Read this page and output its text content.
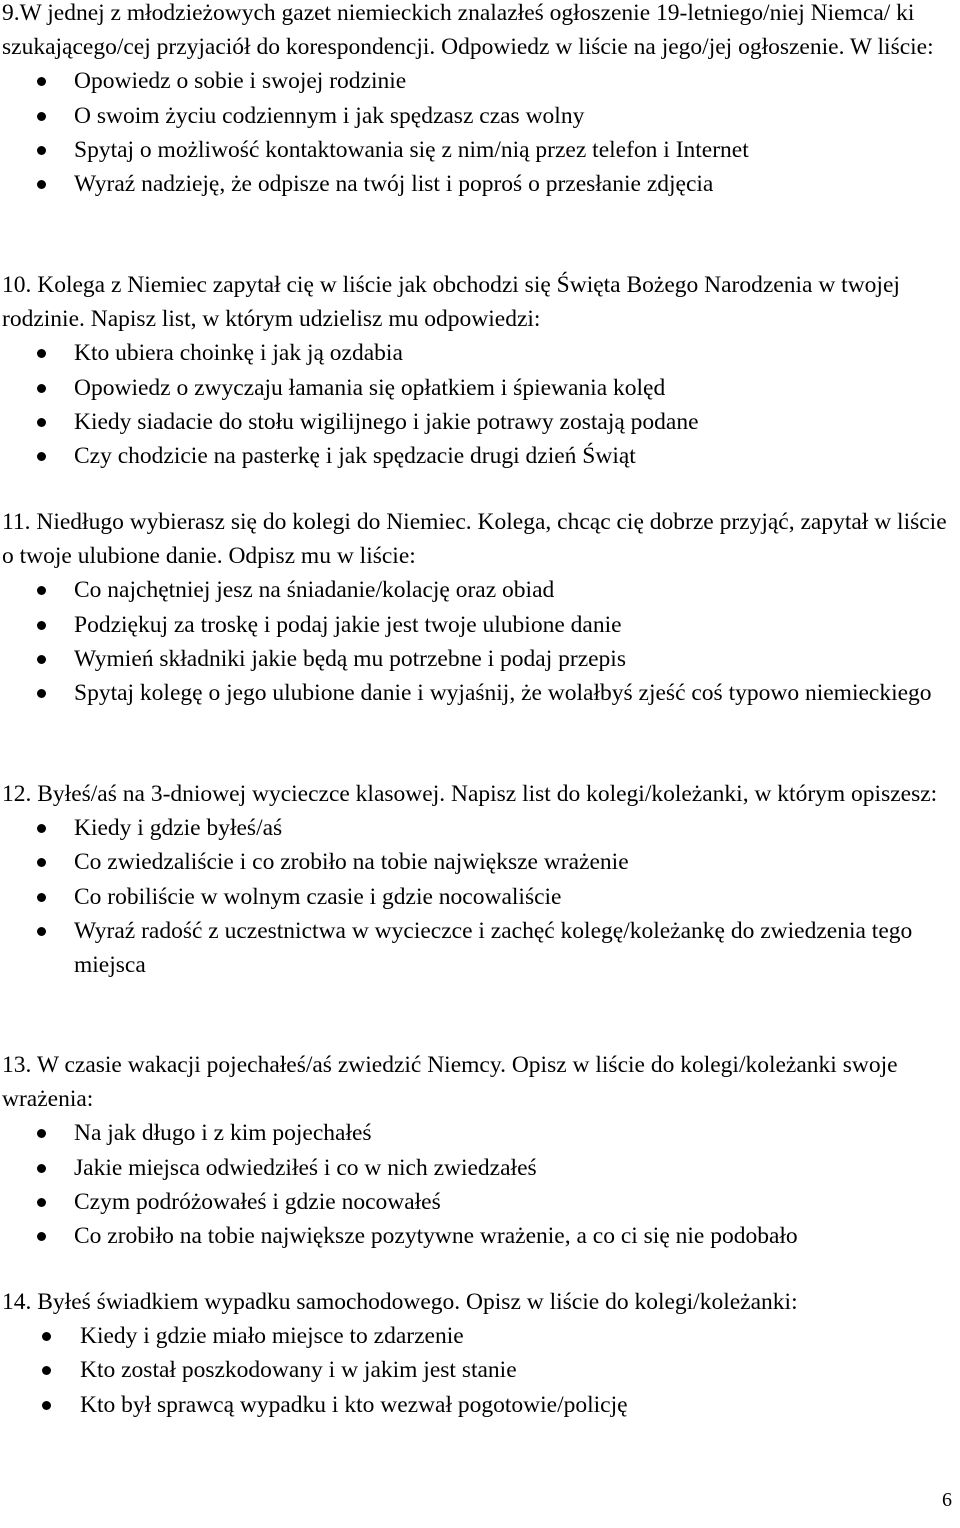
9.W jednej z młodzieżowych gazet niemieckich znalazłeś ogłoszenie 19-letniego/niej Niemca/ ki szukającego/cej przyjaciół do korespondencji. Odpowiedz w liście na jego/jej ogłoszenie. W liście:

Opowiedz o sobie i swojej rodzinie
O swoim życiu codziennym i jak spędzasz czas wolny
Spytaj o możliwość kontaktowania się z nim/nią przez telefon i Internet
Wyraź nadzieję, że odpisze na twój list i poproś o przesłanie zdjęcia

10. Kolega z Niemiec zapytał cię w liście jak obchodzi się Święta Bożego Narodzenia w twojej rodzinie. Napisz list, w którym udzielisz mu odpowiedzi:

Kto ubiera choinkę i jak ją ozdabia
Opowiedz o zwyczaju łamania się opłatkiem i śpiewania kolęd
Kiedy siadacie do stołu wigilijnego i jakie potrawy zostają podane
Czy chodzicie na pasterkę i jak spędzacie drugi dzień Świąt

11. Niedługo wybierasz się do kolegi do Niemiec. Kolega, chcąc cię dobrze przyjąć, zapytał w liście o twoje ulubione danie. Odpisz mu w liście:

Co najchętniej jesz na śniadanie/kolację oraz obiad
Podziękuj za troskę i podaj jakie jest twoje ulubione danie
Wymień składniki jakie będą mu potrzebne i podaj przepis
Spytaj kolegę o jego ulubione danie i wyjaśnij, że wolałbyś zjeść coś typowo niemieckiego

12. Byłeś/aś na 3-dniowej wycieczce klasowej. Napisz list do kolegi/koleżanki, w którym opiszesz:

Kiedy i gdzie byłeś/aś
Co zwiedzaliście i co zrobiło na tobie największe wrażenie
Co robiliście w wolnym czasie i gdzie nocowaliście
Wyraź radość z uczestnictwa w wycieczce i zachęć kolegę/koleżankę do zwiedzenia tego miejsca

13. W czasie wakacji pojechałeś/aś zwiedzić Niemcy. Opisz w liście do kolegi/koleżanki swoje wrażenia:

Na jak długo i z kim pojechałeś
Jakie miejsca odwiedziłeś i co w nich zwiedzałeś
Czym podróżowałeś i gdzie nocowałeś
Co zrobiło na tobie największe pozytywne wrażenie, a co ci się nie podobało

14. Byłeś świadkiem wypadku samochodowego. Opisz w liście do kolegi/koleżanki:

Kiedy i gdzie miało miejsce to zdarzenie
Kto został poszkodowany i w jakim jest stanie
Kto był sprawcą wypadku i kto wezwał pogotowie/policję
6
